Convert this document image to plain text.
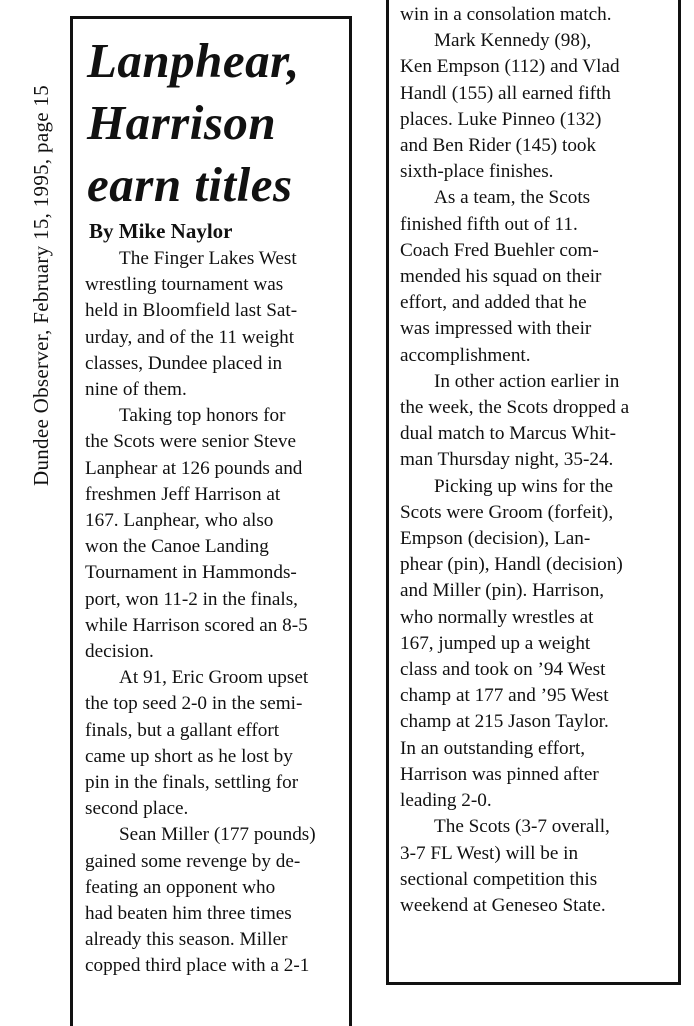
Dundee Observer, February 15, 1995, page 15
Lanphear,
Harrison
earn titles
By Mike Naylor
The Finger Lakes West
wrestling tournament was
held in Bloomfield last Sat-
urday, and of the 11 weight
classes, Dundee placed in
nine of them.
Taking top honors for
the Scots were senior Steve
Lanphear at 126 pounds and
freshmen Jeff Harrison at
167. Lanphear, who also
won the Canoe Landing
Tournament in Hammonds-
port, won 11-2 in the finals,
while Harrison scored an 8-5
decision.
At 91, Eric Groom upset
the top seed 2-0 in the semi-
finals, but a gallant effort
came up short as he lost by
pin in the finals, settling for
second place.
Sean Miller (177 pounds)
gained some revenge by de-
feating an opponent who
had beaten him three times
already this season. Miller
copped third place with a 2-1
win in a consolation match.
Mark Kennedy (98),
Ken Empson (112) and Vlad
Handl (155) all earned fifth
places. Luke Pinneo (132)
and Ben Rider (145) took
sixth-place finishes.
As a team, the Scots
finished fifth out of 11.
Coach Fred Buehler com-
mended his squad on their
effort, and added that he
was impressed with their
accomplishment.
In other action earlier in
the week, the Scots dropped a
dual match to Marcus Whit-
man Thursday night, 35-24.
Picking up wins for the
Scots were Groom (forfeit),
Empson (decision), Lan-
phear (pin), Handl (decision)
and Miller (pin). Harrison,
who normally wrestles at
167, jumped up a weight
class and took on ’94 West
champ at 177 and ’95 West
champ at 215 Jason Taylor.
In an outstanding effort,
Harrison was pinned after
leading 2-0.
The Scots (3-7 overall,
3-7 FL West) will be in
sectional competition this
weekend at Geneseo State.
